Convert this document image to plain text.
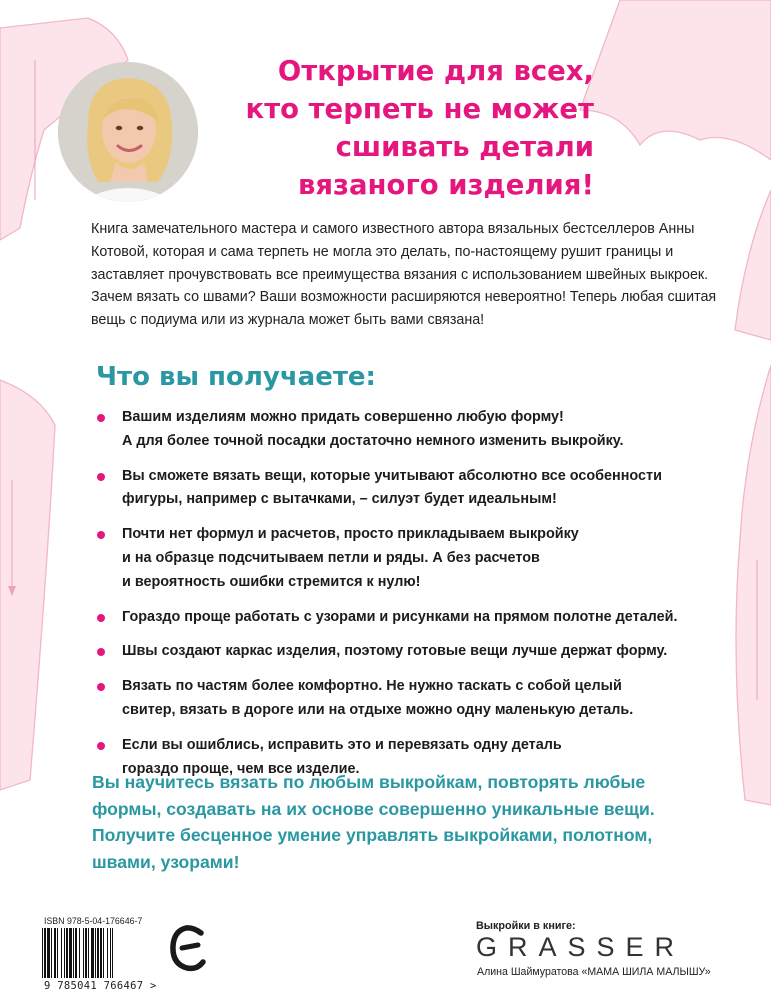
Открытие для всех,
кто терпеть не может
сшивать детали
вязаного изделия!

Книга замечательного мастера и самого известного автора вязальных бестселлеров Анны Котовой, которая и сама терпеть не могла это делать, по-настоящему рушит границы и заставляет прочувствовать все преимущества вязания с использованием швейных выкроек. Зачем вязать со швами? Ваши возможности расширяются невероятно! Теперь любая сшитая вещь с подиума или из журнала может быть вами связана!

Что вы получаете:
Вашим изделиям можно придать совершенно любую форму!
А для более точной посадки достаточно немного изменить выкройку.
Вы сможете вязать вещи, которые учитывают абсолютно все особенности
фигуры, например с вытачками, – силуэт будет идеальным!
Почти нет формул и расчетов, просто прикладываем выкройку
и на образце подсчитываем петли и ряды. А без расчетов
и вероятность ошибки стремится к нулю!
Гораздо проще работать с узорами и рисунками на прямом полотне деталей.
Швы создают каркас изделия, поэтому готовые вещи лучше держат форму.
Вязать по частям более комфортно. Не нужно таскать с собой целый
свитер, вязать в дороге или на отдыхе можно одну маленькую деталь.
Если вы ошиблись, исправить это и перевязать одну деталь
гораздо проще, чем все изделие.

Вы научитесь вязать по любым выкройкам, повторять любые
формы, создавать на их основе совершенно уникальные вещи.
Получите бесценное умение управлять выкройками, полотном,
швами, узорами!

ISBN 978-5-04-176646-7
9 785041 766467 >
Выкройки в книге:
GRASSER
Алина Шаймуратова «МАМА ШИЛА МАЛЫШУ»
